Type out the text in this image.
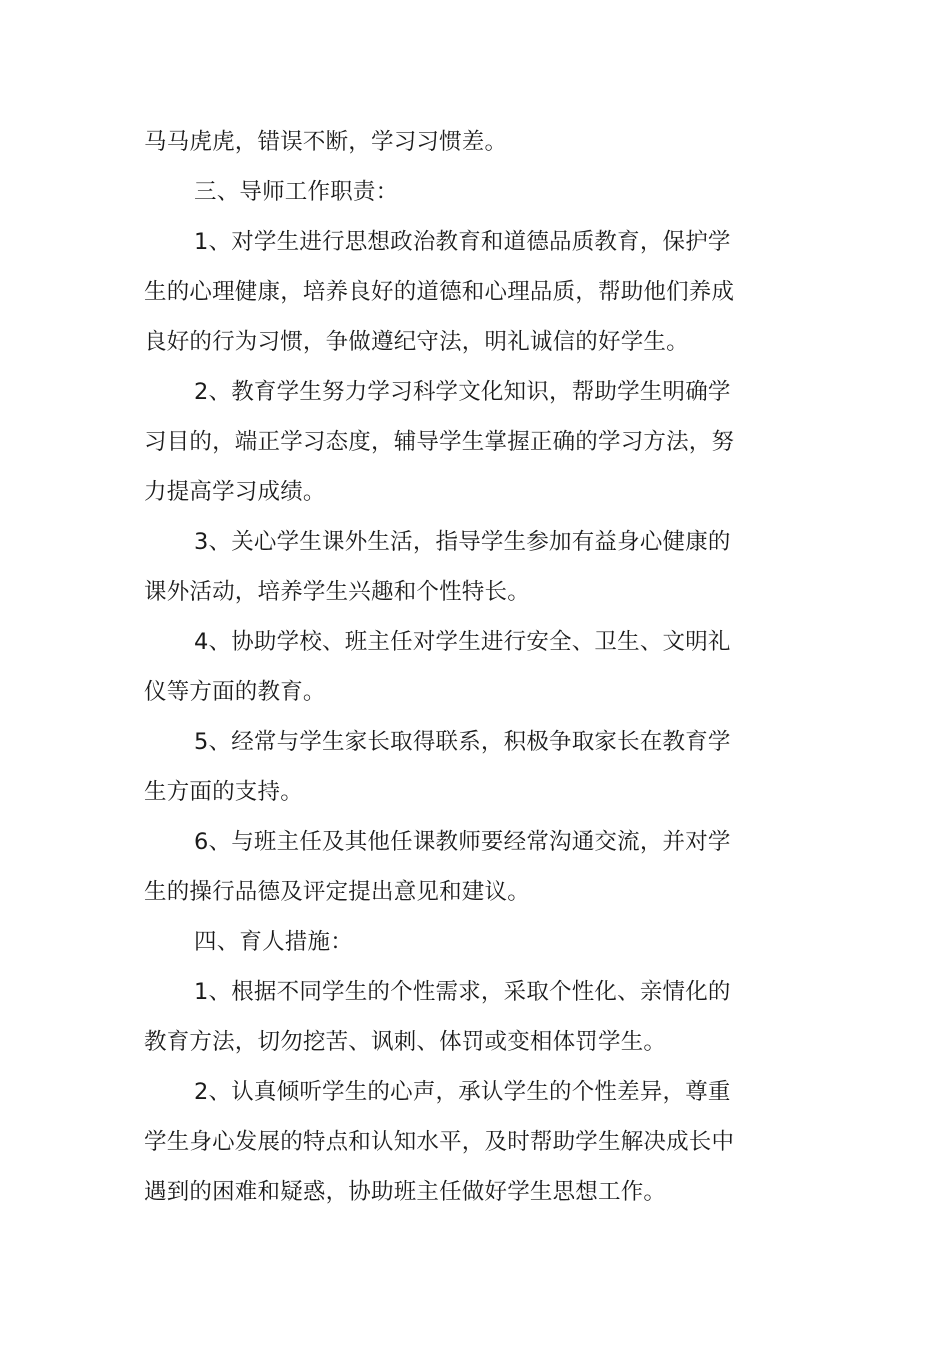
马马虎虎，错误不断，学习习惯差。
三、导师工作职责：
1、对学生进行思想政治教育和道德品质教育，保护学
生的心理健康，培养良好的道德和心理品质，帮助他们养成
良好的行为习惯，争做遵纪守法，明礼诚信的好学生。
2、教育学生努力学习科学文化知识，帮助学生明确学
习目的，端正学习态度，辅导学生掌握正确的学习方法，努
力提高学习成绩。
3、关心学生课外生活，指导学生参加有益身心健康的
课外活动，培养学生兴趣和个性特长。
4、协助学校、班主任对学生进行安全、卫生、文明礼
仪等方面的教育。
5、经常与学生家长取得联系，积极争取家长在教育学
生方面的支持。
6、与班主任及其他任课教师要经常沟通交流，并对学
生的操行品德及评定提出意见和建议。
四、育人措施：
1、根据不同学生的个性需求，采取个性化、亲情化的
教育方法，切勿挖苦、讽刺、体罚或变相体罚学生。
2、认真倾听学生的心声，承认学生的个性差异，尊重
学生身心发展的特点和认知水平，及时帮助学生解决成长中
遇到的困难和疑惑，协助班主任做好学生思想工作。
